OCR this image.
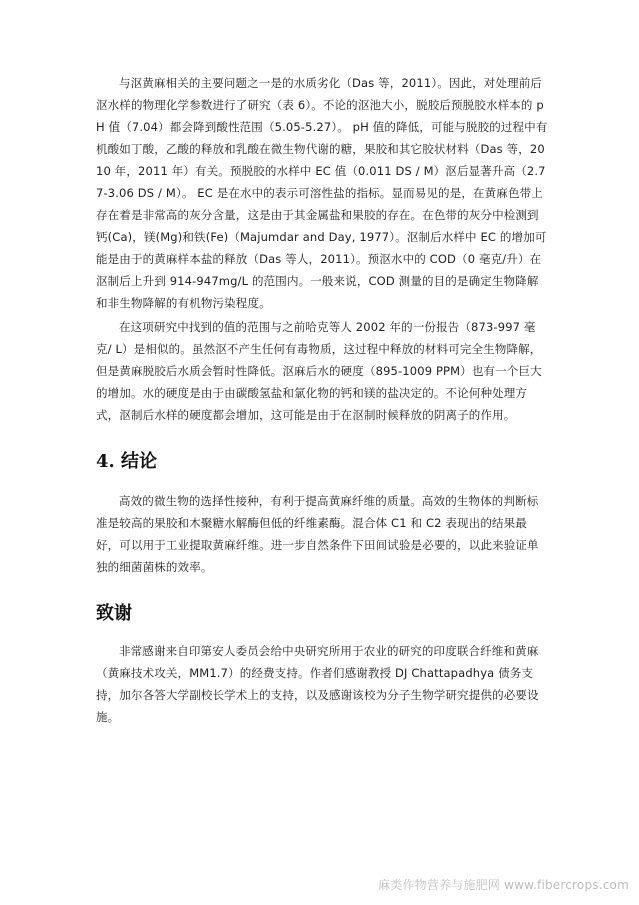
与沤黄麻相关的主要问题之一是的水质劣化（Das 等，2011）。因此，对处理前后沤水样的物理化学参数进行了研究（表 6）。不论的沤池大小，脱胶后预脱胶水样本的 pH 值（7.04）都会降到酸性范围（5.05-5.27）。 pH 值的降低，可能与脱胶的过程中有机酸如丁酸，乙酸的释放和乳酸在微生物代谢的糖，果胶和其它胶状材料（Das 等，2010 年，2011 年）有关。预脱胶的水样中 EC 值（0.011 DS / M）沤后显著升高（2.77-3.06 DS / M）。 EC 是在水中的表示可溶性盐的指标。显而易见的是，在黄麻色带上存在着是非常高的灰分含量，这是由于其金属盐和果胶的存在。在色带的灰分中检测到钙(Ca)，镁(Mg)和铁(Fe)（Majumdar and Day, 1977）。沤制后水样中 EC 的增加可能是由于的黄麻样本盐的释放（Das 等人，2011）。预沤水中的 COD（0 毫克/升）在沤制后上升到 914-947mg/L 的范围内。一般来说，COD 测量的目的是确定生物降解和非生物降解的有机物污染程度。

在这项研究中找到的值的范围与之前哈克等人 2002 年的一份报告（873-997 毫克/ L）是相似的。虽然沤不产生任何有毒物质，这过程中释放的材料可完全生物降解，但是黄麻脱胶后水质会暂时性降低。沤麻后水的硬度（895-1009 PPM）也有一个巨大的增加。水的硬度是由于由碳酸氢盐和氯化物的钙和镁的盐决定的。不论何种处理方式，沤制后水样的硬度都会增加，这可能是由于在沤制时候释放的阴离子的作用。

4. 结论

高效的微生物的选择性接种，有利于提高黄麻纤维的质量。高效的生物体的判断标准是较高的果胶和木聚糖水解酶但低的纤维素酶。混合体 C1 和 C2 表现出的结果最好，可以用于工业提取黄麻纤维。进一步自然条件下田间试验是必要的，以此来验证单独的细菌菌株的效率。

致谢

非常感谢来自印第安人委员会给中央研究所用于农业的研究的印度联合纤维和黄麻（黄麻技术攻关，MM1.7）的经费支持。作者们感谢教授 DJ Chattapadhya 债务支持，加尔各答大学副校长学术上的支持，以及感谢该校为分子生物学研究提供的必要设施。

麻类作物营养与施肥网 www.fibercrops.com
